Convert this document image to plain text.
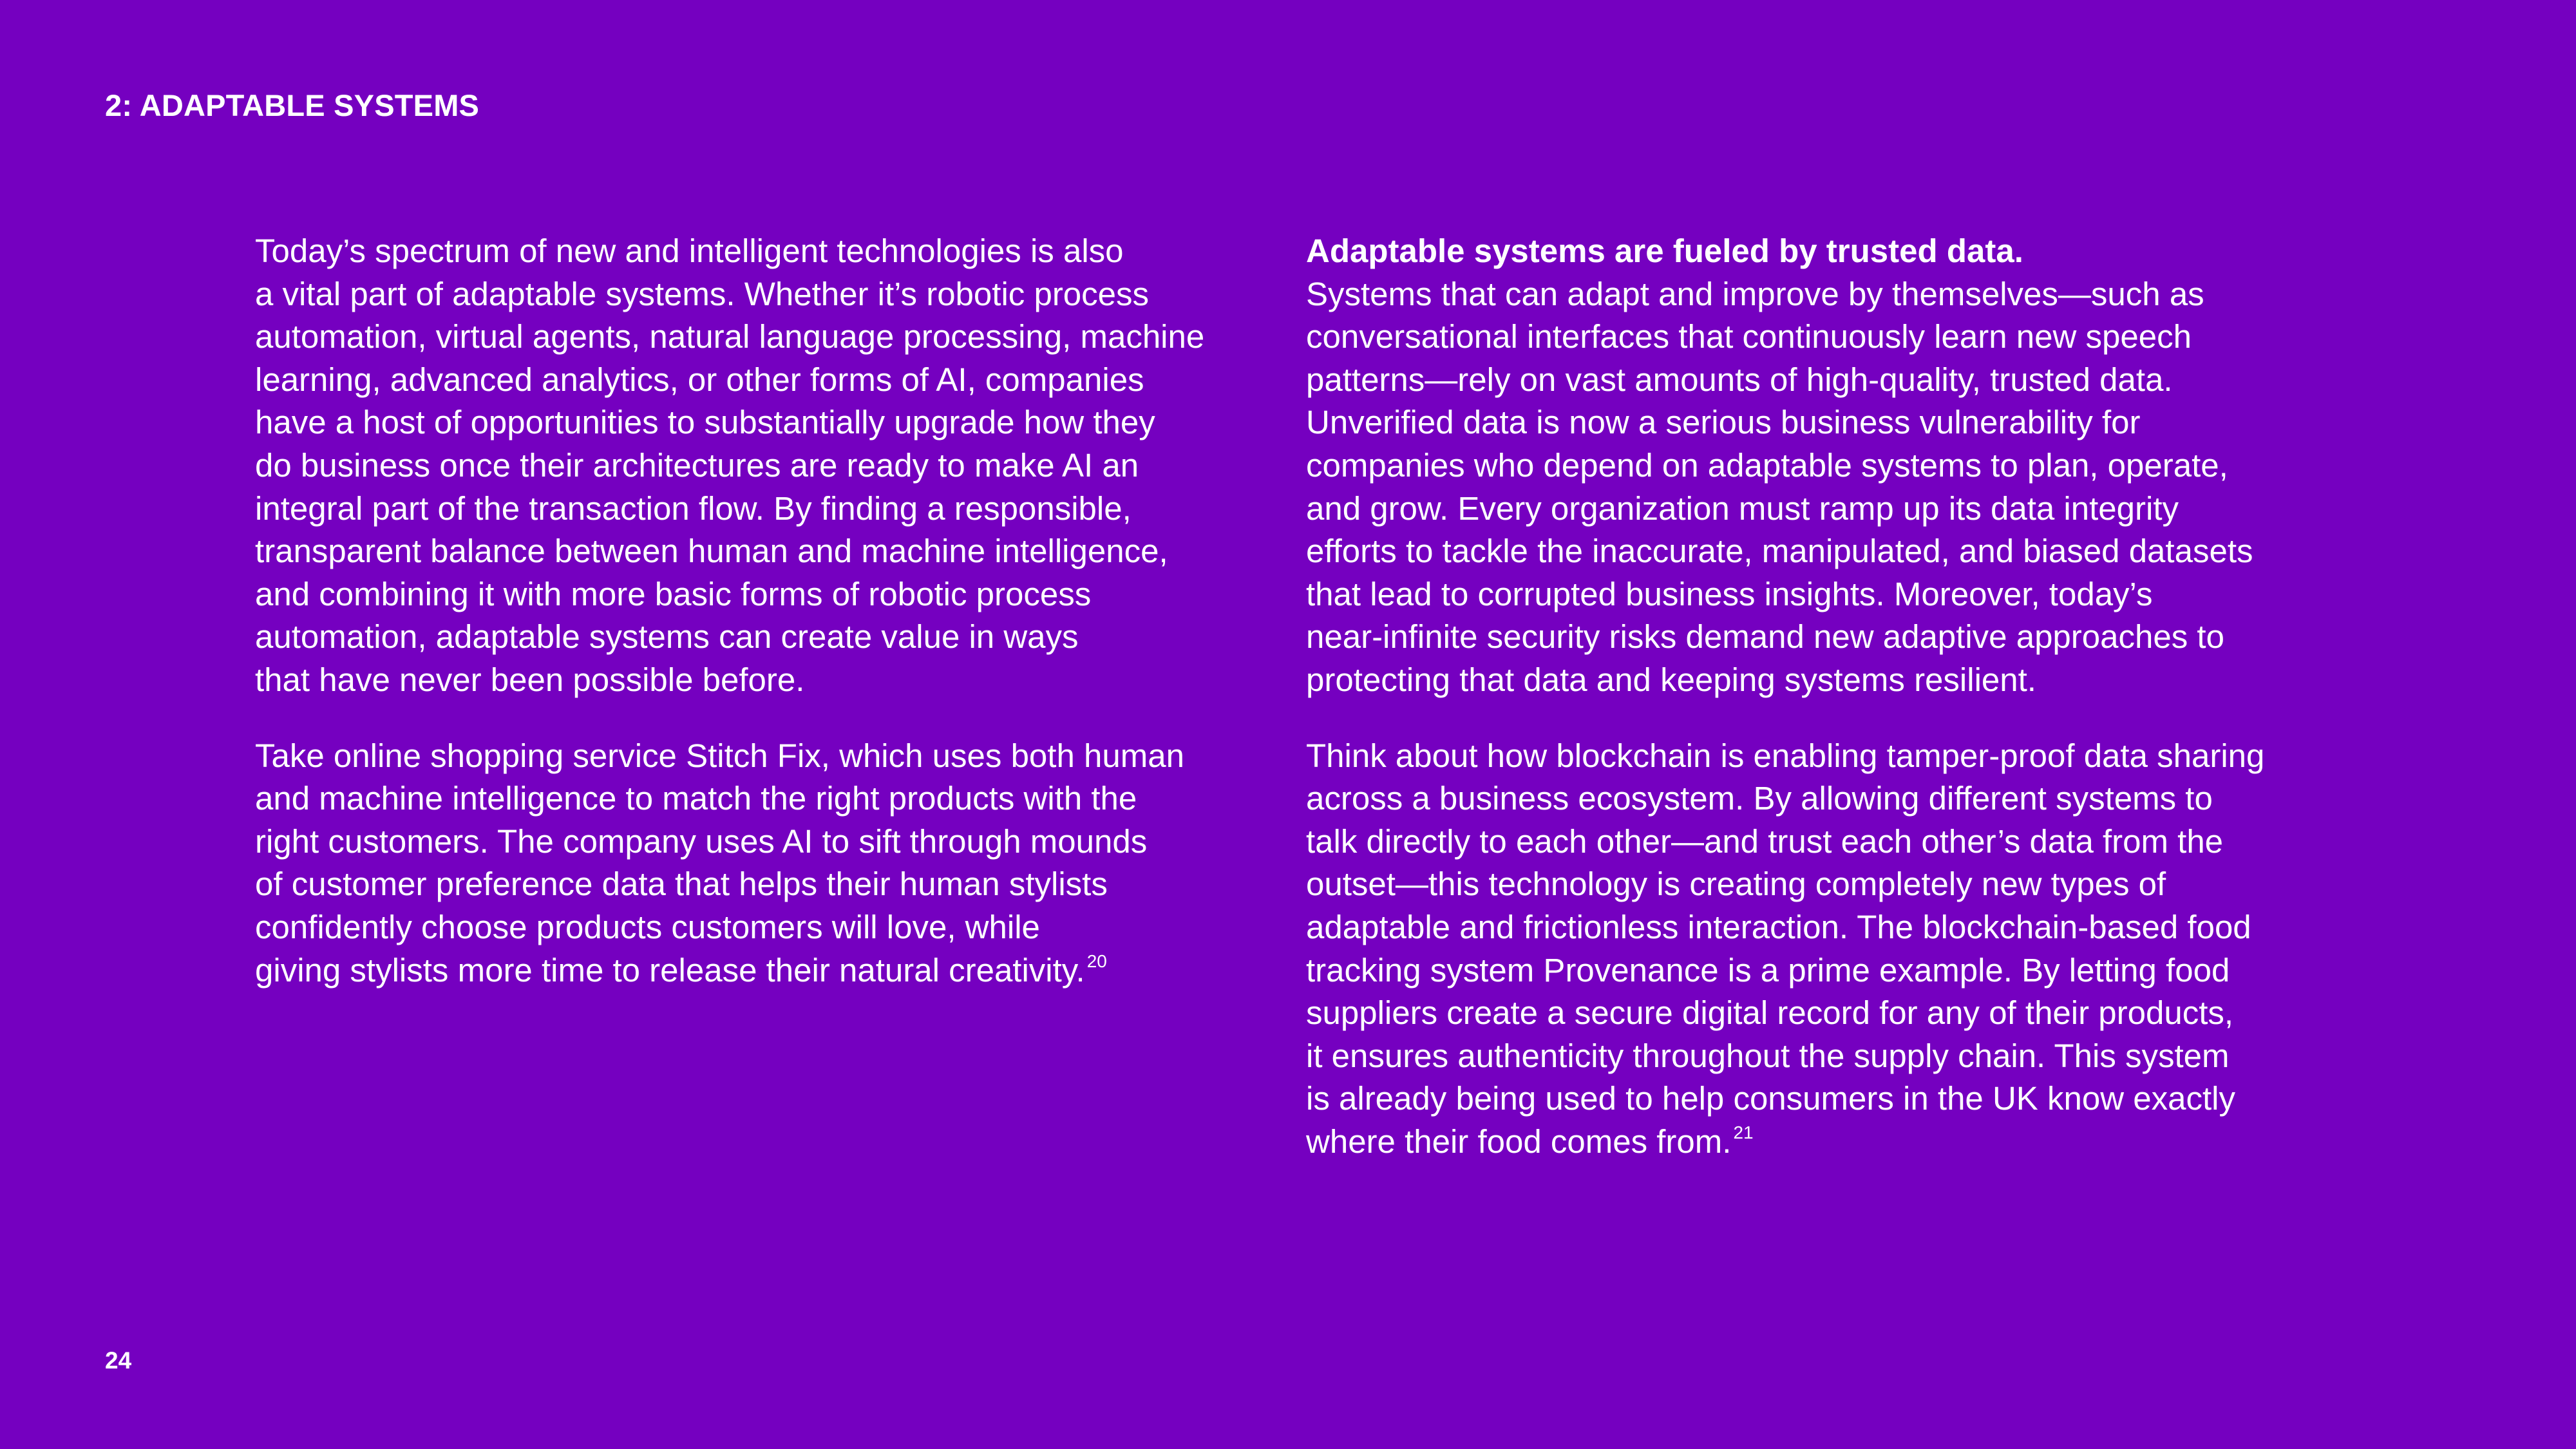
2: ADAPTABLE SYSTEMS

Today’s spectrum of new and intelligent technologies is also
a vital part of adaptable systems. Whether it’s robotic process
automation, virtual agents, natural language processing, machine
learning, advanced analytics, or other forms of AI, companies
have a host of opportunities to substantially upgrade how they
do business once their architectures are ready to make AI an
integral part of the transaction flow. By finding a responsible,
transparent balance between human and machine intelligence,
and combining it with more basic forms of robotic process
automation, adaptable systems can create value in ways
that have never been possible before.

Take online shopping service Stitch Fix, which uses both human
and machine intelligence to match the right products with the
right customers. The company uses AI to sift through mounds
of customer preference data that helps their human stylists
confidently choose products customers will love, while
giving stylists more time to release their natural creativity. $^{20}$

Adaptable systems are fueled by trusted data.

Systems that can adapt and improve by themselves—such as
conversational interfaces that continuously learn new speech
patterns—rely on vast amounts of high-quality, trusted data.
Unverified data is now a serious business vulnerability for
companies who depend on adaptable systems to plan, operate,
and grow. Every organization must ramp up its data integrity
efforts to tackle the inaccurate, manipulated, and biased datasets
that lead to corrupted business insights. Moreover, today’s
near-infinite security risks demand new adaptive approaches to
protecting that data and keeping systems resilient.

Think about how blockchain is enabling tamper-proof data sharing
across a business ecosystem. By allowing different systems to
talk directly to each other—and trust each other’s data from the
outset—this technology is creating completely new types of
adaptable and frictionless interaction. The blockchain-based food
tracking system Provenance is a prime example. By letting food
suppliers create a secure digital record for any of their products,
it ensures authenticity throughout the supply chain. This system
is already being used to help consumers in the UK know exactly
where their food comes from. $^{21}$

24
